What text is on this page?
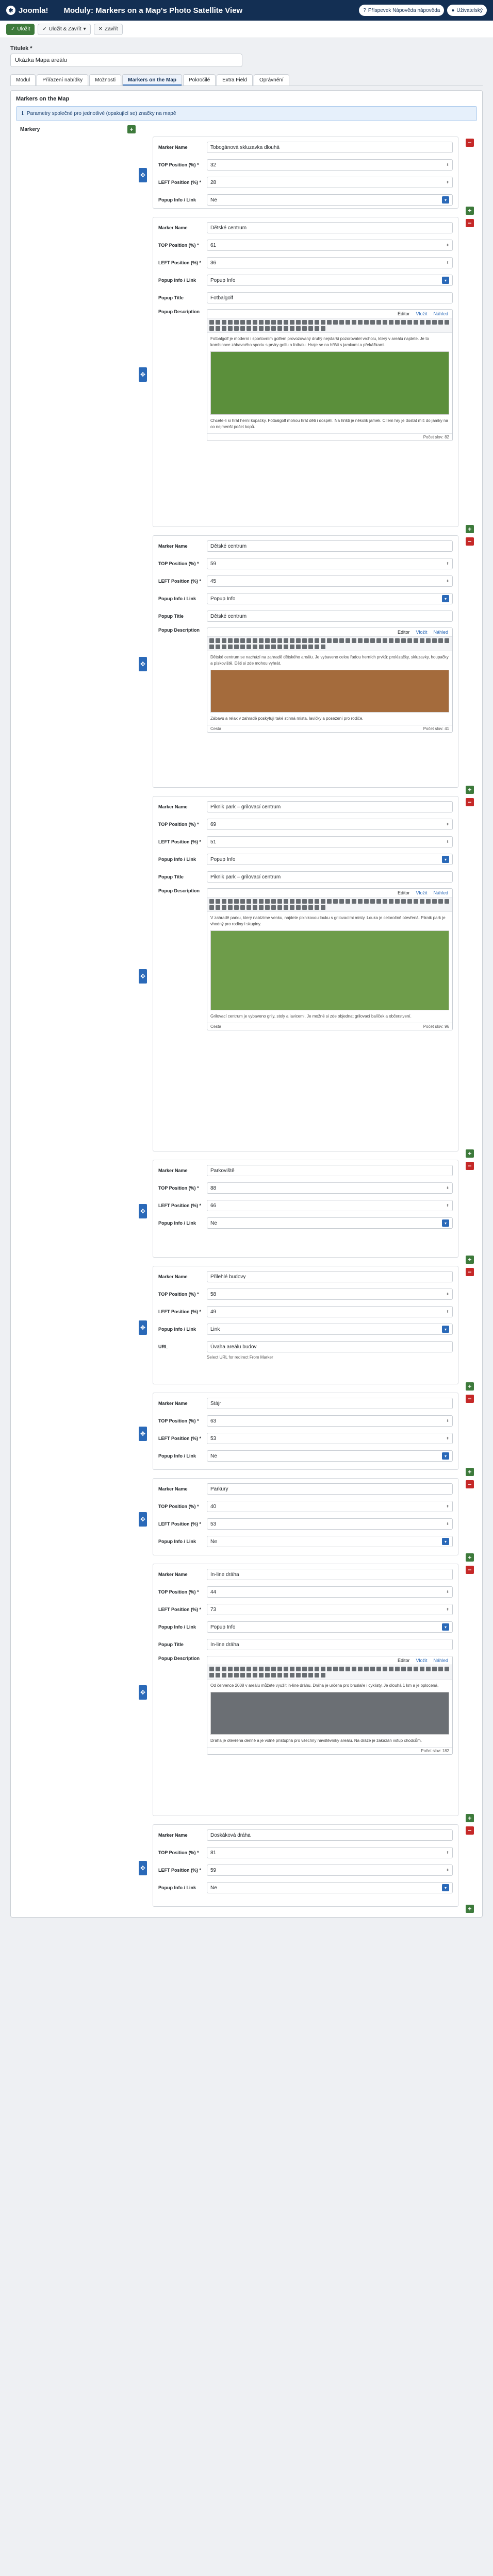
✱ Joomla! Moduly: Markers on a Map's Photo Satellite View	? Příspevek Nápověda nápověda ● Uživatelský
✓ Uložit ✓ Uložit & Zavřít ▾ ✕ Zavřít
Titulek *
Ukázka Mapa areálu
Modul	Přiřazení nabídky	Možnosti	Markers on the Map	Pokročilé	Extra Field	Oprávnění
Markers on the Map
ℹ Parametry společné pro jednotlivé (opakující se) značky na mapě
Markery	+
✥
Marker Name	Tobogánová skluzavka dlouhá
TOP Position (%) *	32	⬍
LEFT Position (%) *	28	⬍
Popup Info / Link	Ne	▾
−
+
✥
Marker Name	Dětské centrum
TOP Position (%) *	61	⬍
LEFT Position (%) *	36	⬍
Popup Info / Link	Popup Info	▾
Popup Title	Fotbalgolf
Popup Description	Editor Vložit Náhled
Fotbalgolf je moderní i sportovním golfem provozovaný druhý nejstarší pozorovatel vrcholu, který v areálu najdete. Je to kombinace zábavného sportu s prvky golfu a fotbalu. Hraje se na hřišti s jamkami a překážkami.
Chcete-li si hrát herní kopačky. Fotbalgolf mohou hrát děti i dospělí. Na hřišti je několik jamek. Cílem hry je dostat míč do jamky na co nejmenší počet kopů.
Počet slov: 82
−
+
✥
Marker Name	Dětské centrum
TOP Position (%) *	59	⬍
LEFT Position (%) *	45	⬍
Popup Info / Link	Popup Info	▾
Popup Title	Dětské centrum
Popup Description	Editor Vložit Náhled
Dětské centrum se nachází na zahradě dětského areálu. Je vybaveno celou řadou herních prvků: prolézačky, skluzavky, houpačky a pískoviště. Děti si zde mohou vyhrát.
Zábavu a relax v zahradě poskytují také stinná místa, lavičky a posezení pro rodiče.
Cesta	Počet slov: 41
−
+
✥
Marker Name	Piknik park – grilovací centrum
TOP Position (%) *	69	⬍
LEFT Position (%) *	51	⬍
Popup Info / Link	Popup Info	▾
Popup Title	Piknik park – grilovací centrum
Popup Description	Editor Vložit Náhled
V zahradě parku, který nabízíme venku, najdete piknikovou louku s grilovacími místy. Louka je celoročně otevřená. Piknik park je vhodný pro rodiny i skupiny.
Grilovací centrum je vybaveno grily, stoly a lavicemi. Je možné si zde objednat grilovací balíček a občerstvení.
Cesta	Počet slov: 96
−
+
✥
Marker Name	Parkoviště
TOP Position (%) *	88	⬍
LEFT Position (%) *	66	⬍
Popup Info / Link	Ne	▾
−
+
✥
Marker Name	Přilehlé budovy
TOP Position (%) *	58	⬍
LEFT Position (%) *	49	⬍
Popup Info / Link	Link	▾
URL	Úvaha areálu budov
Select URL for redirect From Marker
−
+
✥
Marker Name	Stájr
TOP Position (%) *	63	⬍
LEFT Position (%) *	53	⬍
Popup Info / Link	Ne	▾
−
+
✥
Marker Name	Parkury
TOP Position (%) *	40	⬍
LEFT Position (%) *	53	⬍
Popup Info / Link	Ne	▾
−
+
✥
Marker Name	In-line dráha
TOP Position (%) *	44	⬍
LEFT Position (%) *	73	⬍
Popup Info / Link	Popup Info	▾
Popup Title	In-line dráha
Popup Description	Editor Vložit Náhled
Od července 2008 v areálu můžete využít in-line dráhu. Dráha je určena pro bruslaře i cyklisty. Je dlouhá 1 km a je oplocená.
Dráha je otevřena denně a je volně přístupná pro všechny návštěvníky areálu. Na dráze je zakázán vstup chodcům.
Počet slov: 182
−
+
✥
Marker Name	Doskáková dráha
TOP Position (%) *	81	⬍
LEFT Position (%) *	59	⬍
Popup Info / Link	Ne	▾
−
+
